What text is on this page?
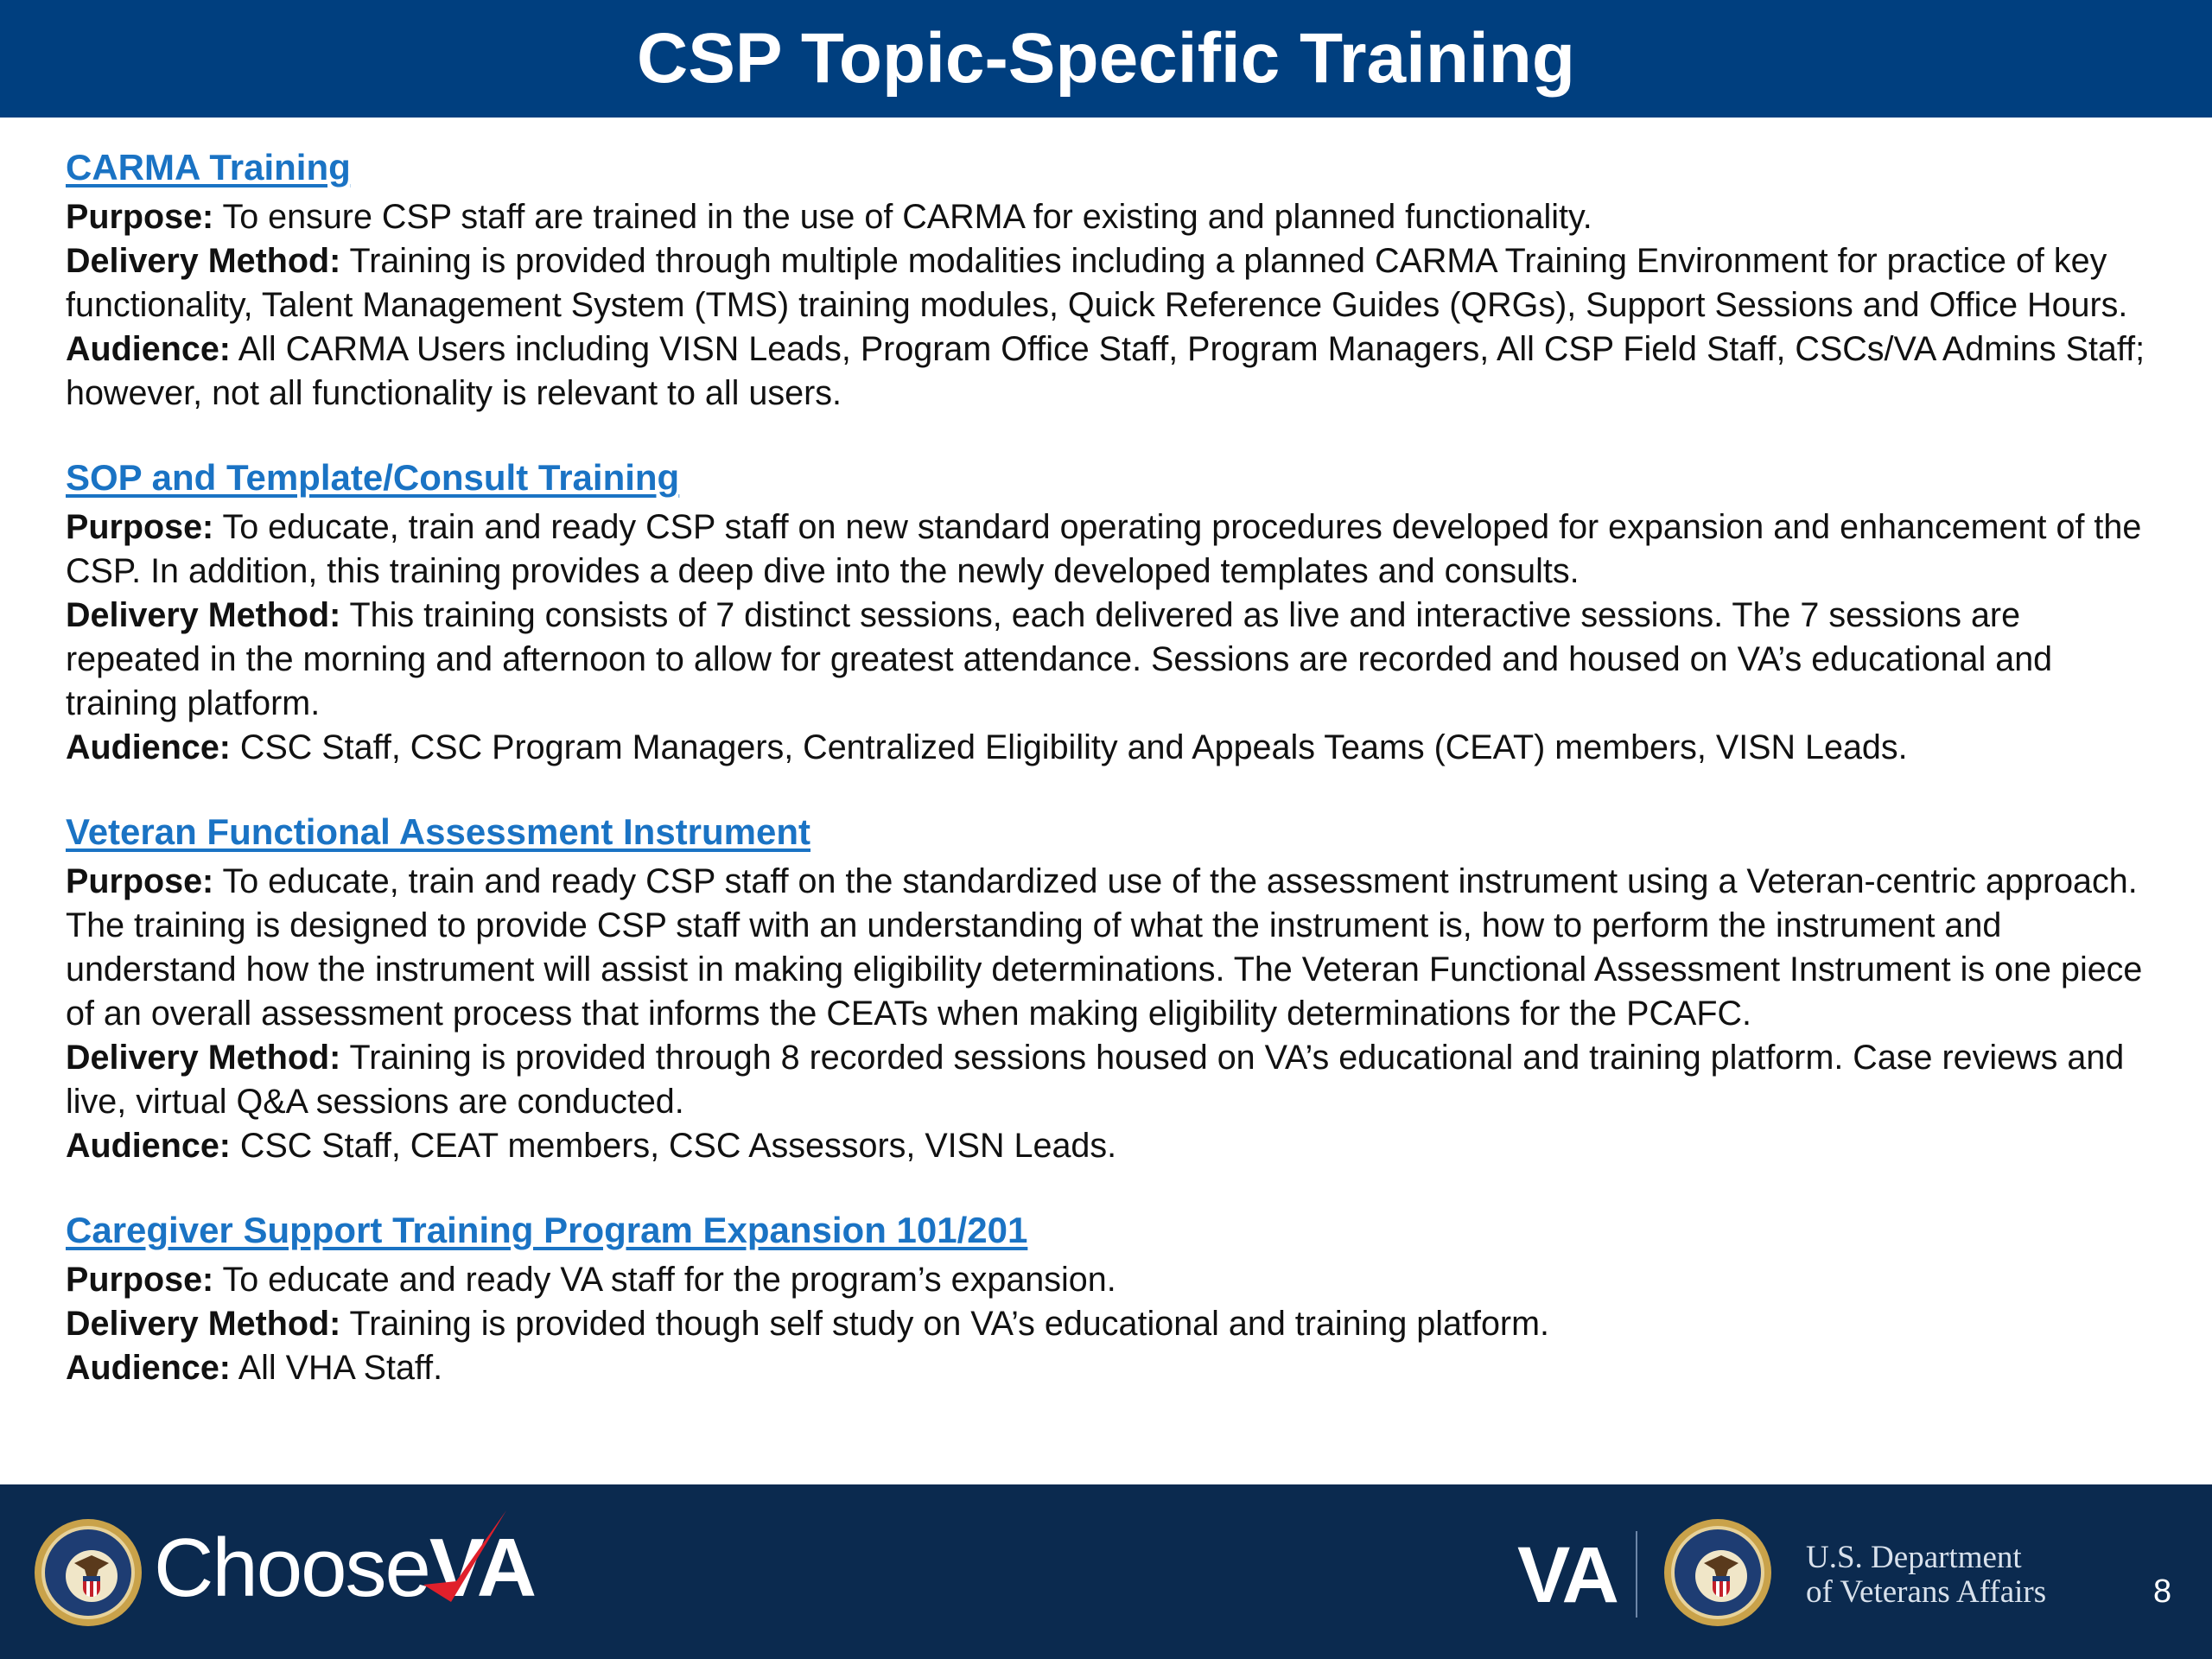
CSP Topic-Specific Training
CARMA Training
Purpose: To ensure CSP staff are trained in the use of CARMA for existing and planned functionality.
Delivery Method: Training is provided through multiple modalities including a planned CARMA Training Environment for practice of key functionality, Talent Management System (TMS) training modules, Quick Reference Guides (QRGs), Support Sessions and Office Hours.
Audience: All CARMA Users including VISN Leads, Program Office Staff, Program Managers, All CSP Field Staff, CSCs/VA Admins Staff; however, not all functionality is relevant to all users.
SOP and Template/Consult Training
Purpose: To educate, train and ready CSP staff on new standard operating procedures developed for expansion and enhancement of the CSP. In addition, this training provides a deep dive into the newly developed templates and consults.
Delivery Method: This training consists of 7 distinct sessions, each delivered as live and interactive sessions. The 7 sessions are repeated in the morning and afternoon to allow for greatest attendance. Sessions are recorded and housed on VA’s educational and training platform.
Audience: CSC Staff, CSC Program Managers, Centralized Eligibility and Appeals Teams (CEAT) members, VISN Leads.
Veteran Functional Assessment Instrument
Purpose: To educate, train and ready CSP staff on the standardized use of the assessment instrument using a Veteran-centric approach. The training is designed to provide CSP staff with an understanding of what the instrument is, how to perform the instrument and understand how the instrument will assist in making eligibility determinations. The Veteran Functional Assessment Instrument is one piece of an overall assessment process that informs the CEATs when making eligibility determinations for the PCAFC.
Delivery Method: Training is provided through 8 recorded sessions housed on VA’s educational and training platform. Case reviews and live, virtual Q&A sessions are conducted.
Audience: CSC Staff, CEAT members, CSC Assessors, VISN Leads.
Caregiver Support Training Program Expansion 101/201
Purpose: To educate and ready VA staff for the program’s expansion.
Delivery Method: Training is provided though self study on VA’s educational and training platform.
Audience: All VHA Staff.
ChooseVA	VA	U.S. Department
of Veterans Affairs	8
